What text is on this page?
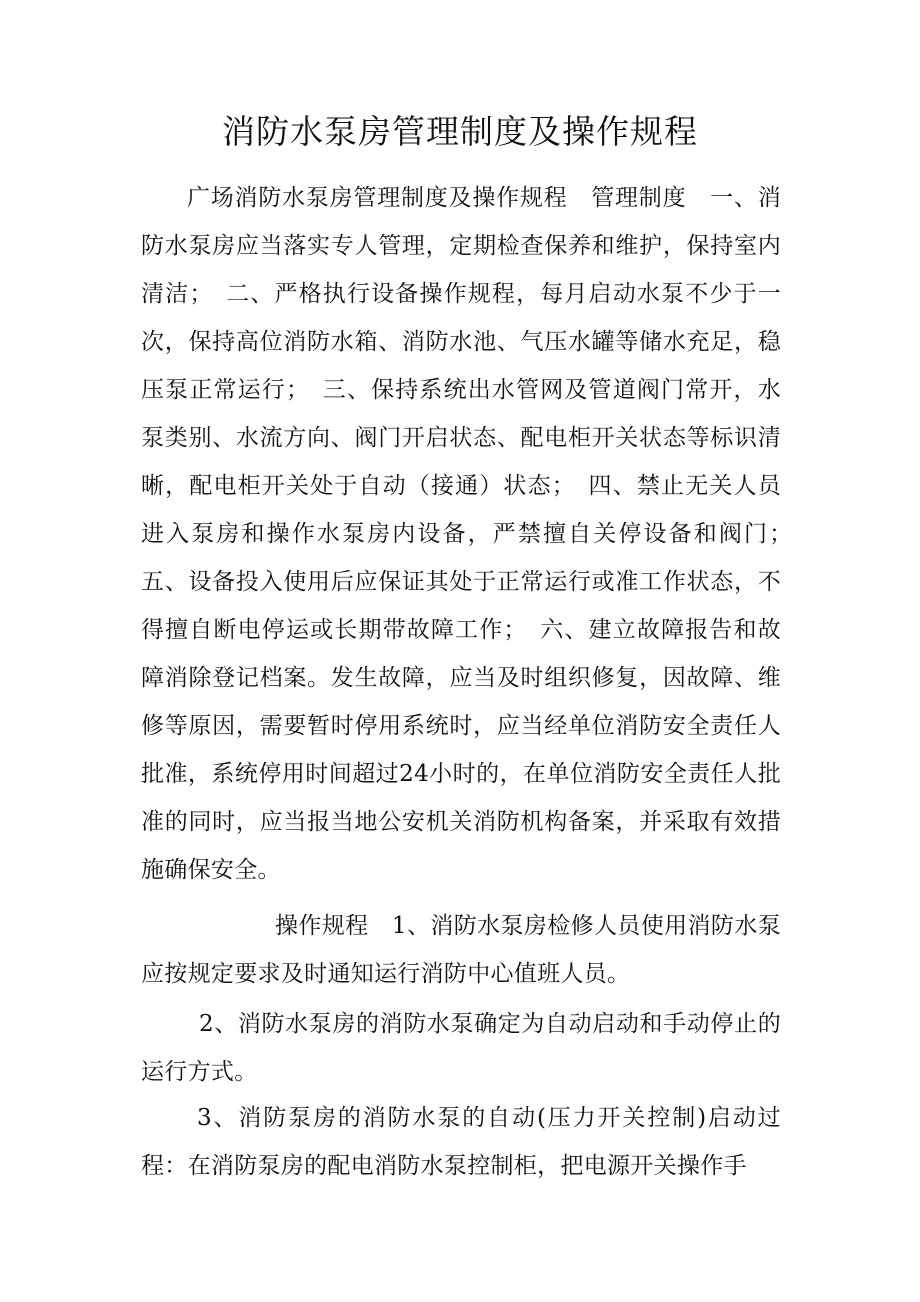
消防水泵房管理制度及操作规程

广场消防水泵房管理制度及操作规程　管理制度　一、消防水泵房应当落实专人管理，定期检查保养和维护，保持室内清洁；　二、严格执行设备操作规程，每月启动水泵不少于一次，保持高位消防水箱、消防水池、气压水罐等储水充足，稳压泵正常运行；　三、保持系统出水管网及管道阀门常开，水泵类别、水流方向、阀门开启状态、配电柜开关状态等标识清晰，配电柜开关处于自动（接通）状态；　四、禁止无关人员进入泵房和操作水泵房内设备，严禁擅自关停设备和阀门；　五、设备投入使用后应保证其处于正常运行或准工作状态，不得擅自断电停运或长期带故障工作；　六、建立故障报告和故障消除登记档案。发生故障，应当及时组织修复，因故障、维修等原因，需要暂时停用系统时，应当经单位消防安全责任人批准，系统停用时间超过24小时的，在单位消防安全责任人批准的同时，应当报当地公安机关消防机构备案，并采取有效措施确保安全。

操作规程　1、消防水泵房检修人员使用消防水泵应按规定要求及时通知运行消防中心值班人员。

2、消防水泵房的消防水泵确定为自动启动和手动停止的运行方式。

3、消防泵房的消防水泵的自动(压力开关控制)启动过程：在消防泵房的配电消防水泵控制柜，把电源开关操作手
